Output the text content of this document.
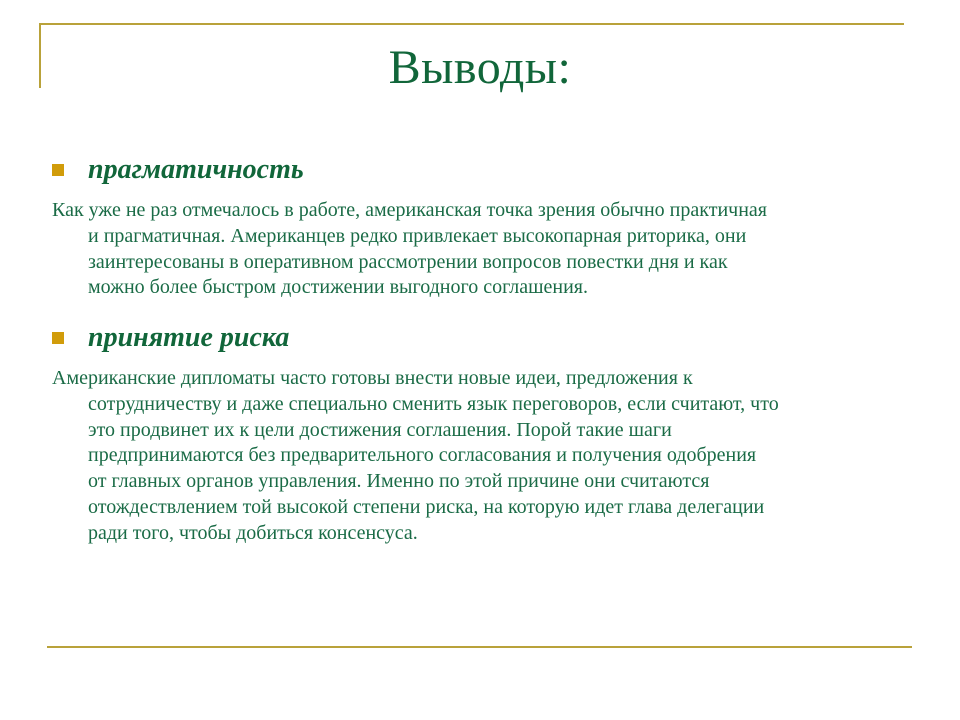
Выводы:
прагматичность
Как уже не раз отмечалось в работе, американская точка зрения обычно практичная
и прагматичная. Американцев редко привлекает высокопарная риторика, они
заинтересованы в оперативном рассмотрении вопросов повестки дня и как
можно более быстром достижении выгодного соглашения.
принятие риска
Американские дипломаты часто готовы внести новые идеи, предложения к
сотрудничеству и даже специально сменить язык переговоров, если считают, что
это продвинет их к цели достижения соглашения. Порой такие шаги
предпринимаются без предварительного согласования и получения одобрения
от главных органов управления. Именно по этой причине они считаются
отождествлением той высокой степени риска, на которую идет глава делегации
ради того, чтобы добиться консенсуса.
